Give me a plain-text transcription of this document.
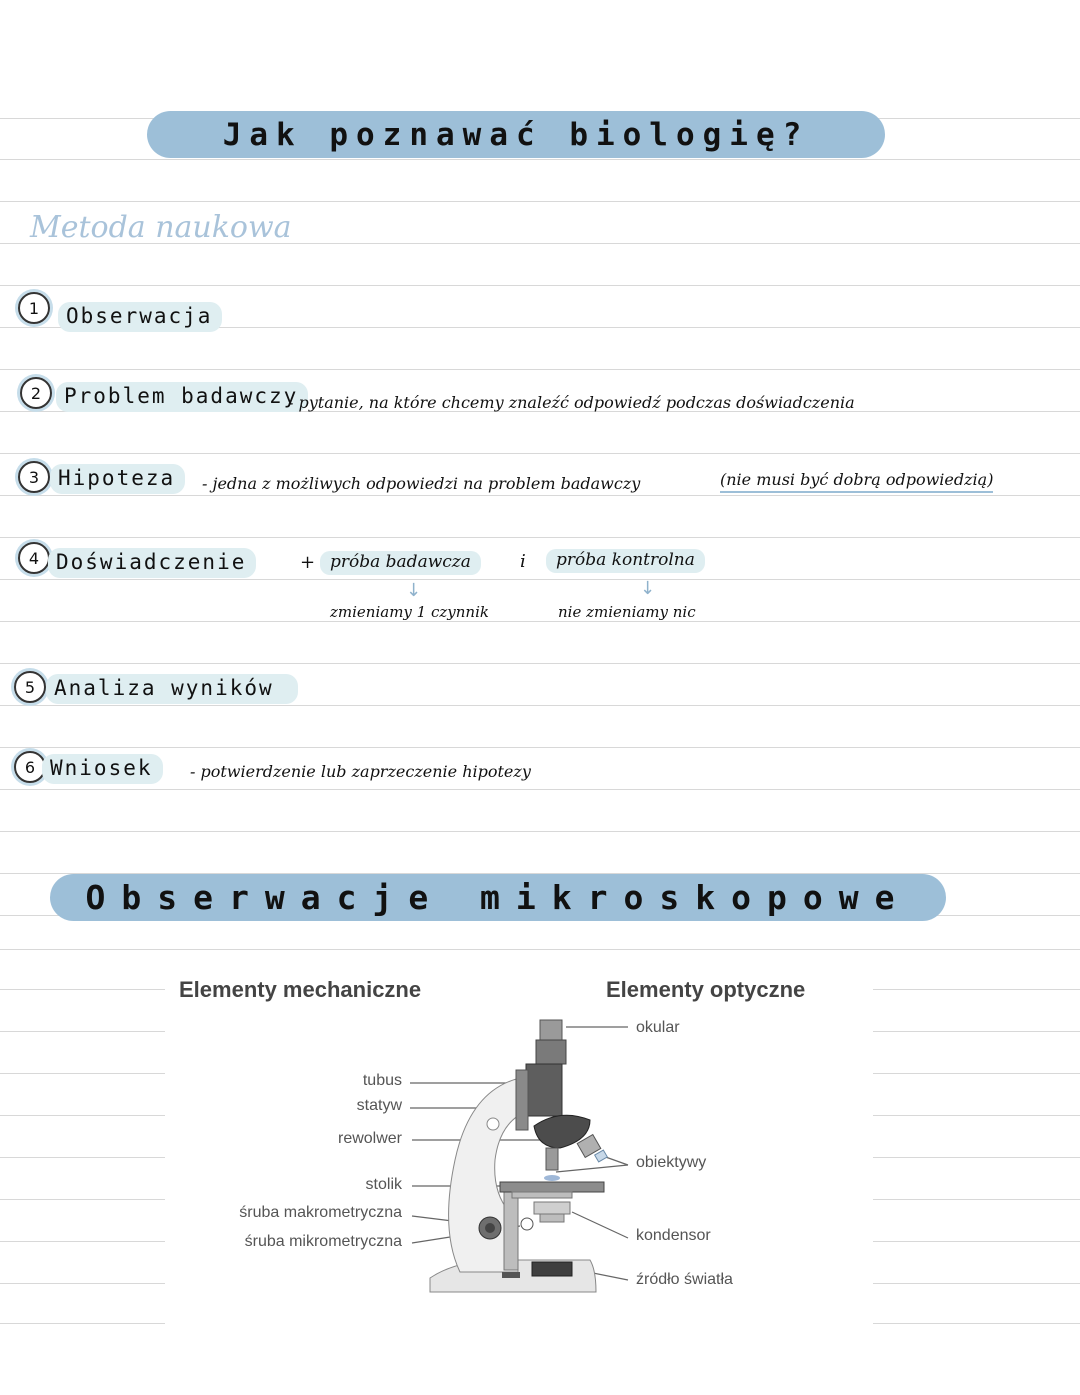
Jak poznawać biologię?
Metoda naukowa
1	Obserwacja
2	Problem badawczy
- pytanie, na które chcemy znaleźć odpowiedź podczas doświadczenia
3 Hipoteza	- jedna z możliwych odpowiedzi na problem badawczy	(nie musi być dobrą odpowiedzią)
4 Doświadczenie	+ próba badawcza	i	próba kontrolna
↓	↓
zmieniamy 1 czynnik	nie zmieniamy nic
5 Analiza wyników
6 Wniosek	- potwierdzenie lub zaprzeczenie hipotezy
Obserwacje mikroskopowe
Elementy mechaniczne	Elementy optyczne
tubus
statyw
rewolwer
stolik
śruba makrometryczna
śruba mikrometryczna
okular
obiektywy
kondensor
źródło światła
